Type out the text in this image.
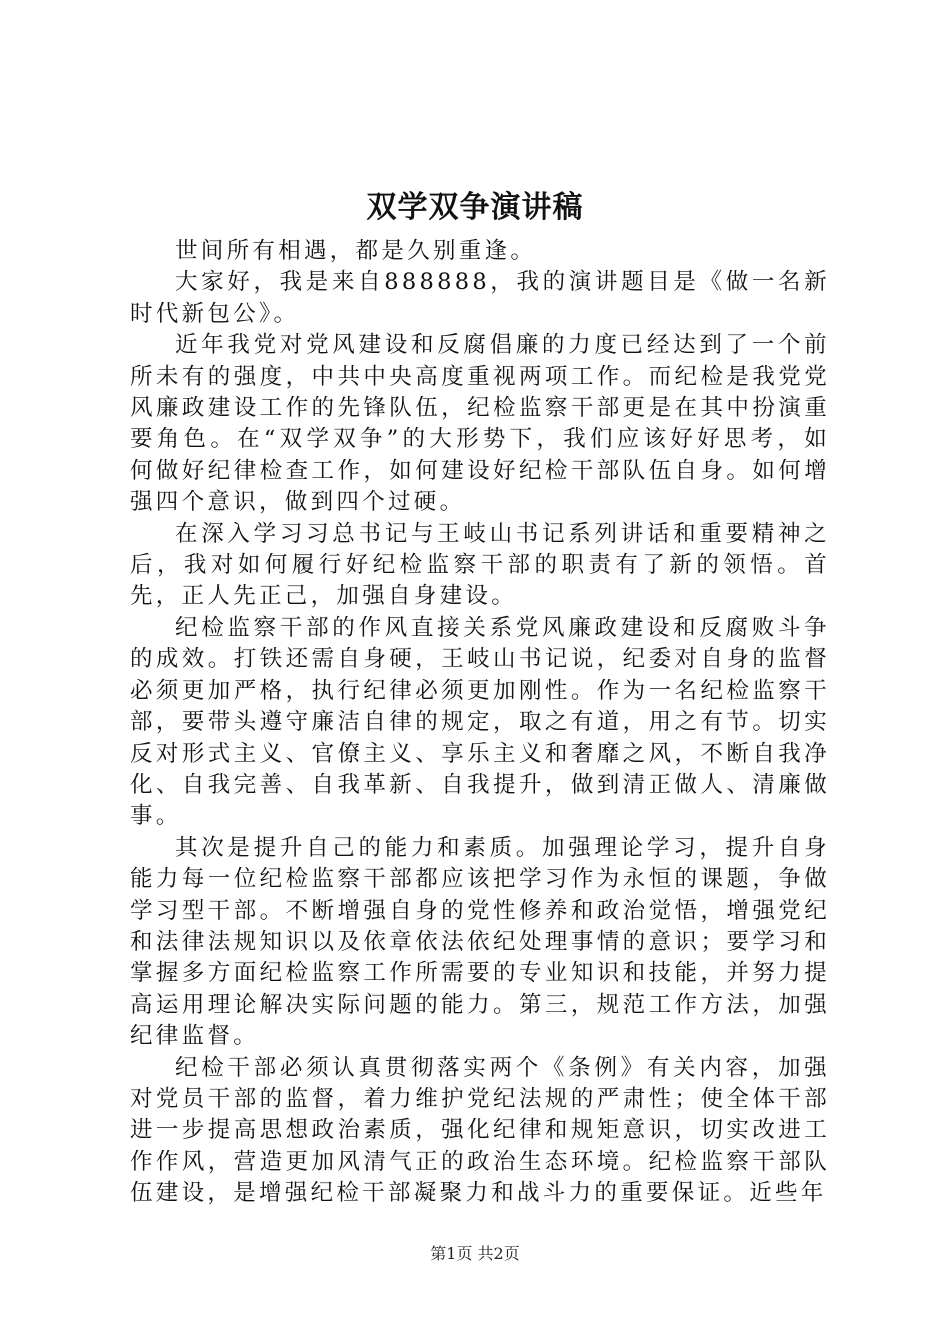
双学双争演讲稿

世间所有相遇，都是久别重逢。

大家好，我是来自888888，我的演讲题目是《做一名新时代新包公》。

近年我党对党风建设和反腐倡廉的力度已经达到了一个前所未有的强度，中共中央高度重视两项工作。而纪检是我党党风廉政建设工作的先锋队伍，纪检监察干部更是在其中扮演重要角色。在“双学双争”的大形势下，我们应该好好思考，如何做好纪律检查工作，如何建设好纪检干部队伍自身。如何增强四个意识，做到四个过硬。

在深入学习习总书记与王岐山书记系列讲话和重要精神之后，我对如何履行好纪检监察干部的职责有了新的领悟。首先，正人先正己，加强自身建设。

纪检监察干部的作风直接关系党风廉政建设和反腐败斗争的成效。打铁还需自身硬，王岐山书记说，纪委对自身的监督必须更加严格，执行纪律必须更加刚性。作为一名纪检监察干部，要带头遵守廉洁自律的规定，取之有道，用之有节。切实反对形式主义、官僚主义、享乐主义和奢靡之风，不断自我净化、自我完善、自我革新、自我提升，做到清正做人、清廉做事。

其次是提升自己的能力和素质。加强理论学习，提升自身能力每一位纪检监察干部都应该把学习作为永恒的课题，争做学习型干部。不断增强自身的党性修养和政治觉悟，增强党纪和法律法规知识以及依章依法依纪处理事情的意识；要学习和掌握多方面纪检监察工作所需要的专业知识和技能，并努力提高运用理论解决实际问题的能力。第三，规范工作方法，加强纪律监督。

纪检干部必须认真贯彻落实两个《条例》有关内容，加强对党员干部的监督，着力维护党纪法规的严肃性；使全体干部进一步提高思想政治素质，强化纪律和规矩意识，切实改进工作作风，营造更加风清气正的政治生态环境。纪检监察干部队伍建设，是增强纪检干部凝聚力和战斗力的重要保证。近些年

第1页 共2页
